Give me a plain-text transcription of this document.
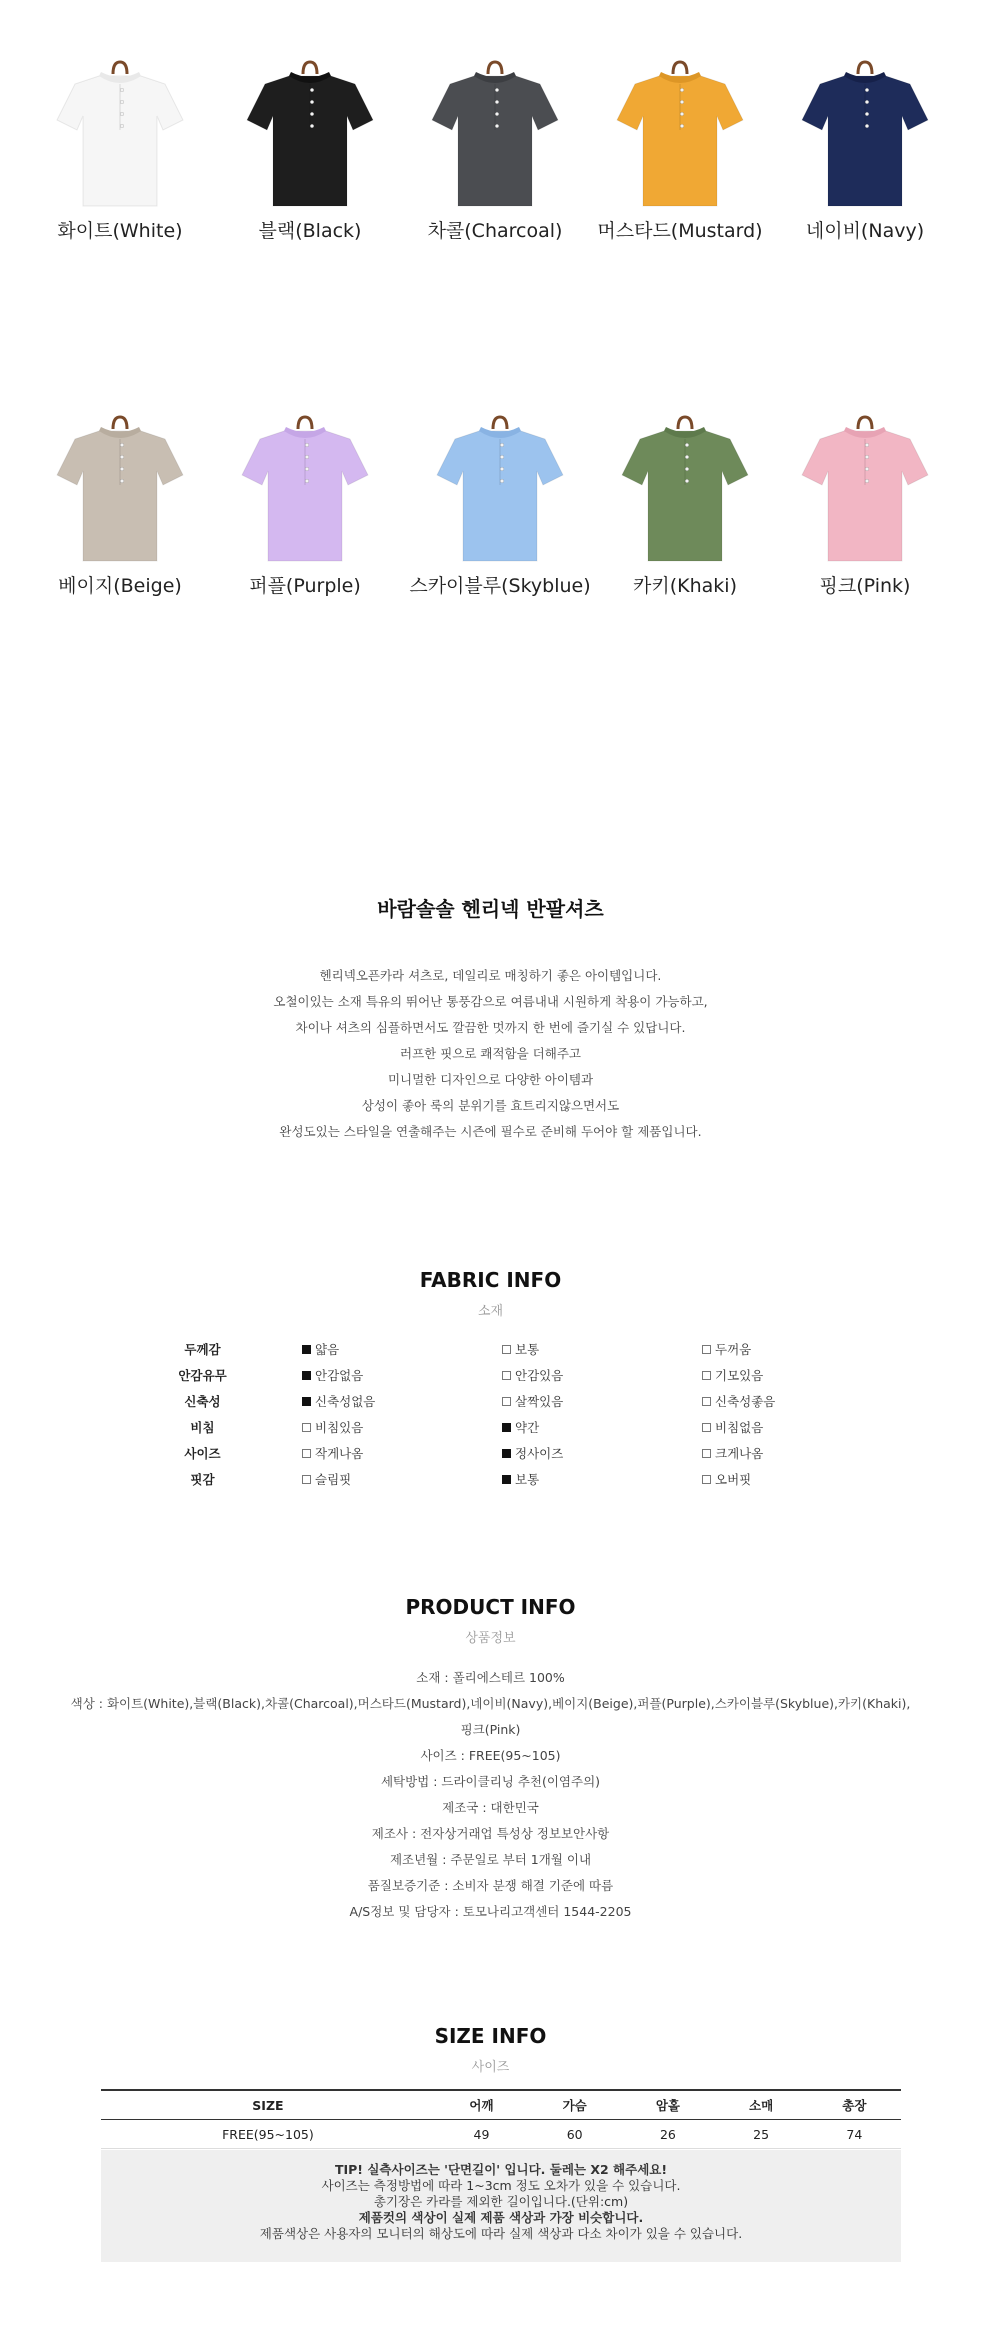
화이트(White)	블랙(Black)	차콜(Charcoal)	머스타드(Mustard)	네이비(Navy)
베이지(Beige)	퍼플(Purple)	스카이블루(Skyblue)	카키(Khaki)	핑크(Pink)
바람솔솔 헨리넥 반팔셔츠
헨리넥오픈카라 셔츠로, 데일리로 매칭하기 좋은 아이템입니다.
오철이있는 소재 특유의 뛰어난 통풍감으로 여름내내 시원하게 착용이 가능하고,
차이나 셔츠의 심플하면서도 깔끔한 멋까지 한 번에 즐기실 수 있답니다.
러프한 핏으로 쾌적함을 더해주고
미니멀한 디자인으로 다양한 아이템과
상성이 좋아 룩의 분위기를 효트리지않으면서도
완성도있는 스타일을 연출해주는 시즌에 필수로 준비해 두어야 할 제품입니다.
FABRIC INFO
소재
두께감	얇음	보통	두꺼움
안감유무	안감없음	안감있음	기모있음
신축성	신축성없음	살짝있음	신축성좋음
비침	비침있음	약간	비침없음
사이즈	작게나옴	정사이즈	크게나옴
핏감	슬림핏	보통	오버핏
PRODUCT INFO
상품정보
소재 : 폴리에스테르 100%
색상 : 화이트(White),블랙(Black),차콜(Charcoal),머스타드(Mustard),네이비(Navy),베이지(Beige),퍼플(Purple),스카이블루(Skyblue),카키(Khaki),
핑크(Pink)
사이즈 : FREE(95~105)
세탁방법 : 드라이클리닝 추천(이염주의)
제조국 : 대한민국
제조사 : 전자상거래업 특성상 정보보안사항
제조년월 : 주문일로 부터 1개월 이내
품질보증기준 : 소비자 분쟁 해결 기준에 따름
A/S정보 및 담당자 : 토모나리고객센터 1544-2205
SIZE INFO
사이즈
SIZE	어깨	가슴	암홀	소매	총장
FREE(95~105)	49	60	26	25	74
TIP! 실측사이즈는 '단면길이' 입니다. 둘레는 X2 해주세요!
사이즈는 측정방법에 따라 1~3cm 정도 오차가 있을 수 있습니다.
총기장은 카라를 제외한 길이입니다.(단위:cm)
제품컷의 색상이 실제 제품 색상과 가장 비슷합니다.
제품색상은 사용자의 모니터의 해상도에 따라 실제 색상과 다소 차이가 있을 수 있습니다.
